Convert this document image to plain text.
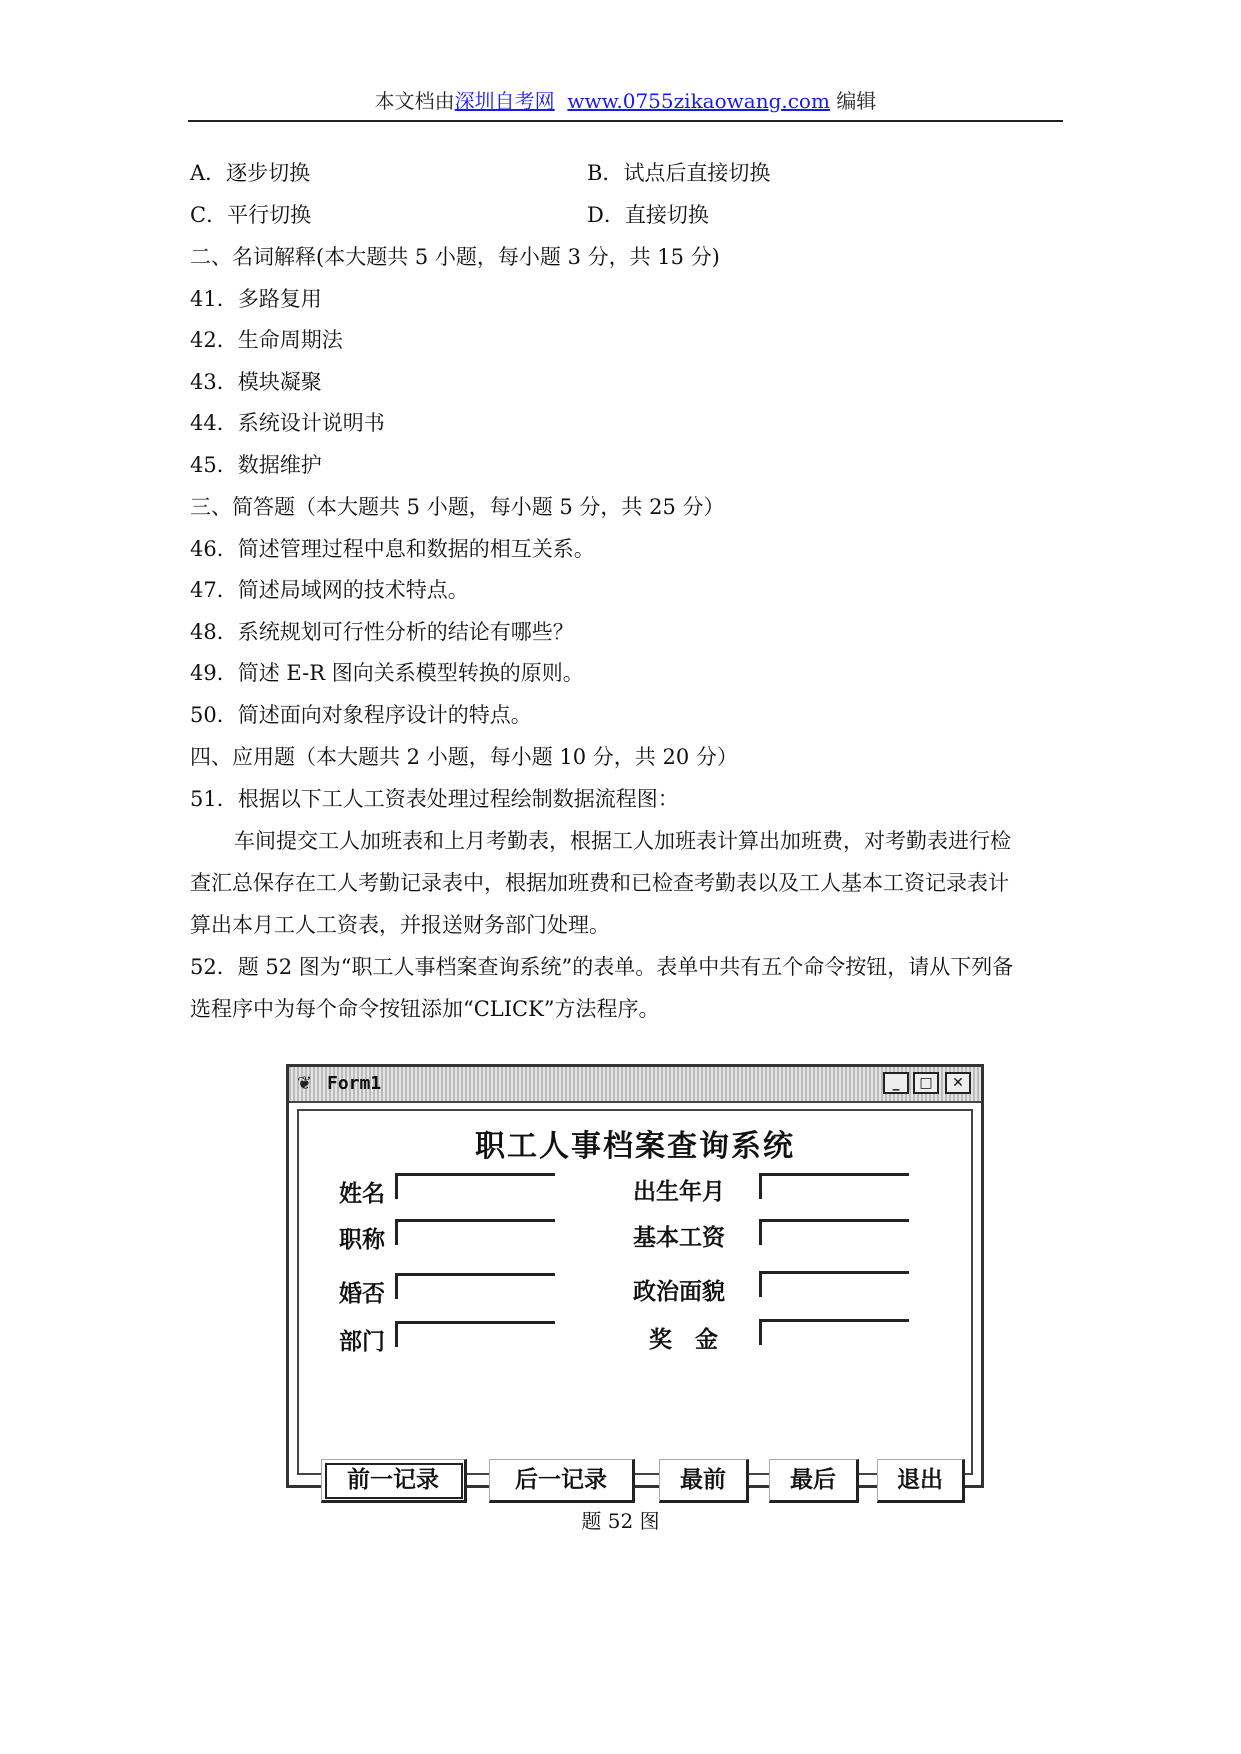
本文档由深圳自考网 www.0755zikaowang.com 编辑
A．逐步切换	B．试点后直接切换
C．平行切换	D．直接切换
二、名词解释(本大题共 5 小题，每小题 3 分，共 15 分)
41．多路复用
42．生命周期法
43．模块凝聚
44．系统设计说明书
45．数据维护
三、简答题（本大题共 5 小题，每小题 5 分，共 25 分）
46．简述管理过程中息和数据的相互关系。
47．简述局域网的技术特点。
48．系统规划可行性分析的结论有哪些？
49．简述 E-R 图向关系模型转换的原则。
50．简述面向对象程序设计的特点。
四、应用题（本大题共 2 小题，每小题 10 分，共 20 分）
51．根据以下工人工资表处理过程绘制数据流程图：
车间提交工人加班表和上月考勤表，根据工人加班表计算出加班费，对考勤表进行检
查汇总保存在工人考勤记录表中，根据加班费和已检查考勤表以及工人基本工资记录表计
算出本月工人工资表，并报送财务部门处理。
52．题 52 图为“职工人事档案查询系统”的表单。表单中共有五个命令按钮，请从下列备
选程序中为每个命令按钮添加“CLICK”方法程序。
❦ Form1	_	□	✕
职工人事档案查询系统
姓名
职称
婚否
部门
出生年月
基本工资
政治面貌
奖　金
前一记录	后一记录	最前	最后	退出
题 52 图
